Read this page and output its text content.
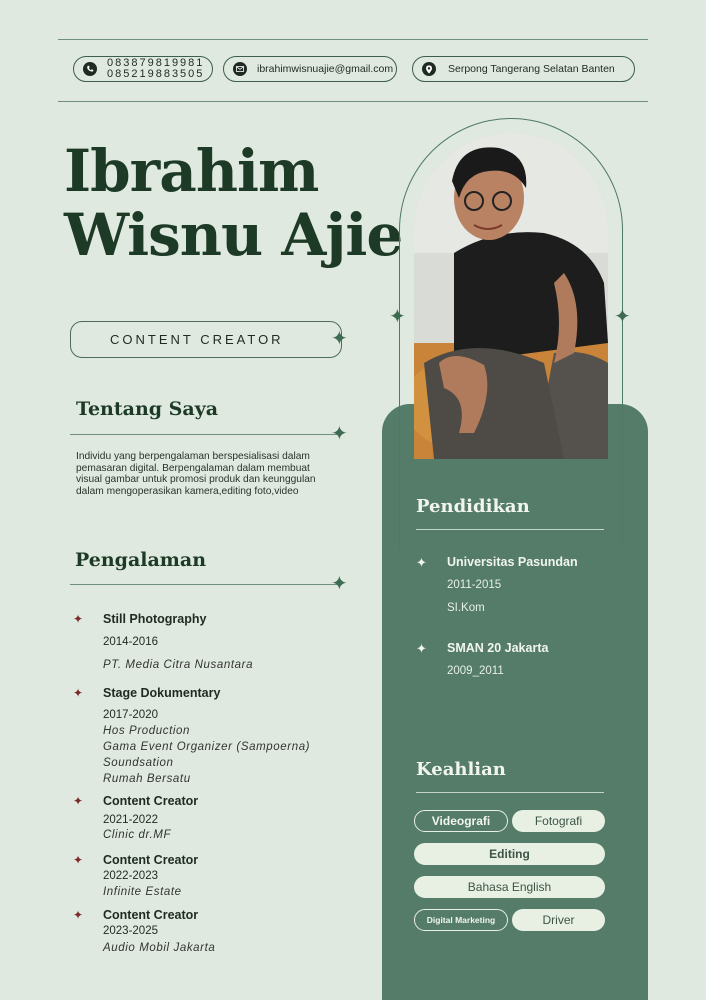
083879819981
085219883505	ibrahimwisnuajie@gmail.com	Serpong Tangerang Selatan Banten
Ibrahim
Wisnu Ajie
CONTENT CREATOR	✦
Tentang Saya
✦
Individu yang berpengalaman berspesialisasi dalam pemasaran digital. Berpengalaman dalam membuat visual gambar untuk promosi produk dan keunggulan dalam mengoperasikan kamera,editing foto,video
Pengalaman
✦
✦ Still Photography
2014-2016
PT. Media Citra Nusantara
✦ Stage Dokumentary
2017-2020
Hos Production
Gama Event Organizer (Sampoerna)
Soundsation
Rumah Bersatu
✦ Content Creator
2021-2022
Clinic dr.MF
✦ Content Creator
2022-2023
Infinite Estate
✦ Content Creator
2023-2025
Audio Mobil Jakarta
✦	✦
Pendidikan
✦ Universitas Pasundan
2011-2015
SI.Kom
✦ SMAN 20 Jakarta
2009_2011
Keahlian
Videografi	Fotografi
Editing
Bahasa English
Digital Marketing	Driver
